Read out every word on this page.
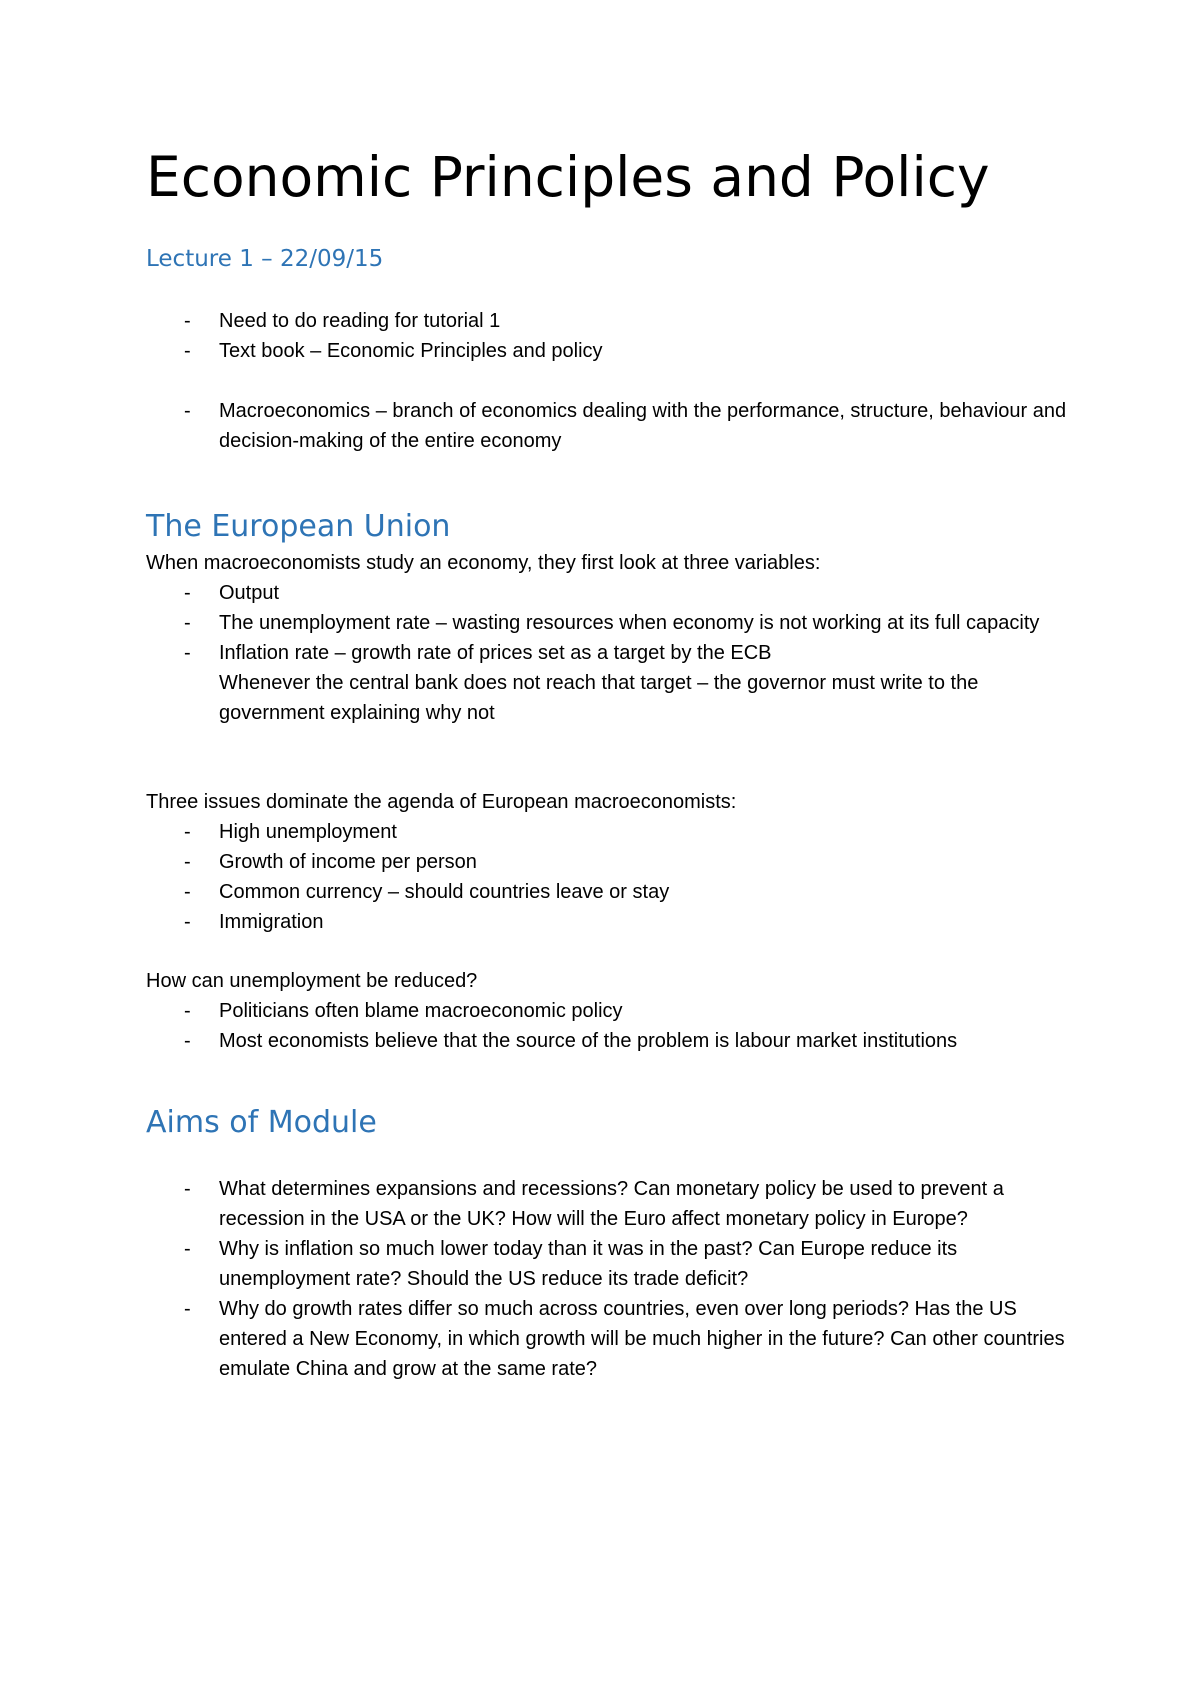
Economic Principles and Policy
Lecture 1 – 22/09/15
- Need to do reading for tutorial 1
- Text book – Economic Principles and policy
- Macroeconomics – branch of economics dealing with the performance, structure, behaviour and decision-making of the entire economy
The European Union

When macroeconomists study an economy, they first look at three variables:

- Output
- The unemployment rate – wasting resources when economy is not working at its full capacity
- Inflation rate – growth rate of prices set as a target by the ECB
Whenever the central bank does not reach that target – the governor must write to the government explaining why not

Three issues dominate the agenda of European macroeconomists:

- High unemployment
- Growth of income per person
- Common currency – should countries leave or stay
- Immigration

How can unemployment be reduced?

- Politicians often blame macroeconomic policy
- Most economists believe that the source of the problem is labour market institutions
Aims of Module
- What determines expansions and recessions? Can monetary policy be used to prevent a recession in the USA or the UK? How will the Euro affect monetary policy in Europe?
- Why is inflation so much lower today than it was in the past? Can Europe reduce its unemployment rate? Should the US reduce its trade deficit?
- Why do growth rates differ so much across countries, even over long periods? Has the US entered a New Economy, in which growth will be much higher in the future? Can other countries emulate China and grow at the same rate?
